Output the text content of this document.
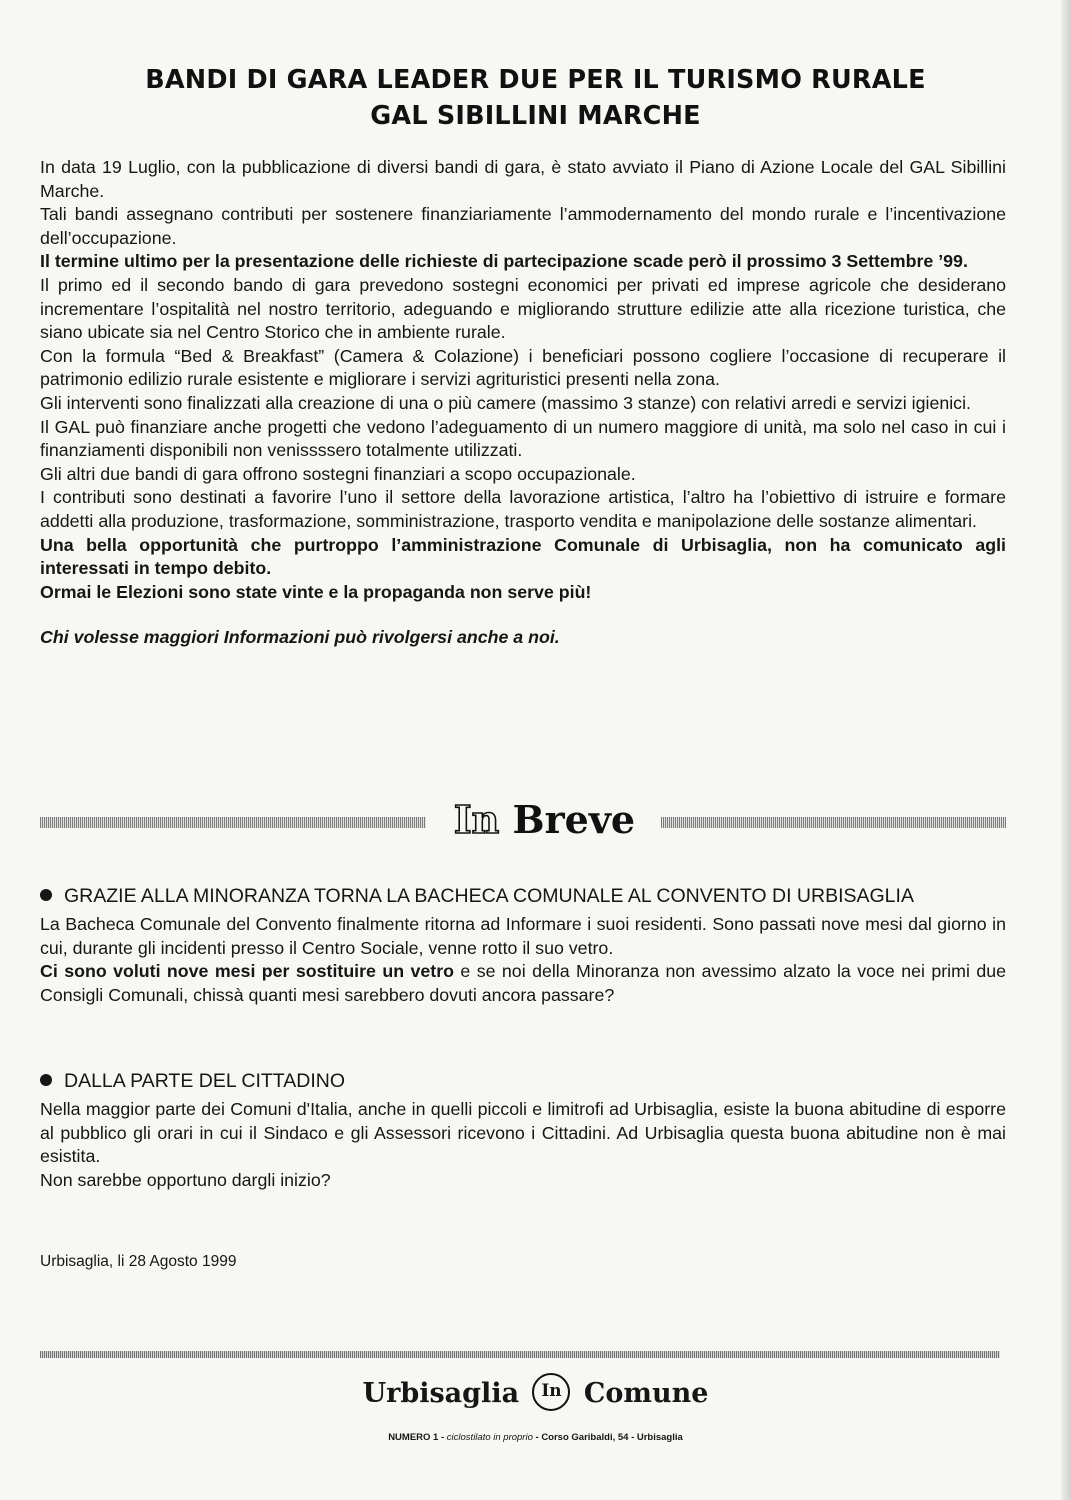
BANDI DI GARA LEADER DUE PER IL TURISMO RURALE
GAL SIBILLINI MARCHE

In data 19 Luglio, con la pubblicazione di diversi bandi di gara, è stato avviato il Piano di Azione Locale del GAL Sibillini Marche.

Tali bandi assegnano contributi per sostenere finanziariamente l’ammodernamento del mondo rurale e l’incentivazione dell’occupazione.

Il termine ultimo per la presentazione delle richieste di partecipazione scade però il prossimo 3 Settembre ’99.

Il primo ed il secondo bando di gara prevedono sostegni economici per privati ed imprese agricole che desiderano incrementare l’ospitalità nel nostro territorio, adeguando e migliorando strutture edilizie atte alla ricezione turistica, che siano ubicate sia nel Centro Storico che in ambiente rurale.

Con la formula “Bed & Breakfast” (Camera & Colazione) i beneficiari possono cogliere l’occasione di recuperare il patrimonio edilizio rurale esistente e migliorare i servizi agrituristici presenti nella zona.

Gli interventi sono finalizzati alla creazione di una o più camere (massimo 3 stanze) con relativi arredi e servizi igienici.

Il GAL può finanziare anche progetti che vedono l’adeguamento di un numero maggiore di unità, ma solo nel caso in cui i finanziamenti disponibili non venissssero totalmente utilizzati.

Gli altri due bandi di gara offrono sostegni finanziari a scopo occupazionale.

I contributi sono destinati a favorire l’uno il settore della lavorazione artistica, l’altro ha l’obiettivo di istruire e formare addetti alla produzione, trasformazione, somministrazione, trasporto vendita e manipolazione delle sostanze alimentari.

Una bella opportunità che purtroppo l’amministrazione Comunale di Urbisaglia, non ha comunicato agli interessati in tempo debito.

Ormai le Elezioni sono state vinte e la propaganda non serve più!

Chi volesse maggiori Informazioni può rivolgersi anche a noi.

In Breve
GRAZIE ALLA MINORANZA TORNA LA BACHECA COMUNALE AL CONVENTO DI URBISAGLIA

La Bacheca Comunale del Convento finalmente ritorna ad Informare i suoi residenti. Sono passati nove mesi dal giorno in cui, durante gli incidenti presso il Centro Sociale, venne rotto il suo vetro.

Ci sono voluti nove mesi per sostituire un vetro e se noi della Minoranza non avessimo alzato la voce nei primi due Consigli Comunali, chissà quanti mesi sarebbero dovuti ancora passare?

DALLA PARTE DEL CITTADINO

Nella maggior parte dei Comuni d'Italia, anche in quelli piccoli e limitrofi ad Urbisaglia, esiste la buona abitudine di esporre al pubblico gli orari in cui il Sindaco e gli Assessori ricevono i Cittadini. Ad Urbisaglia questa buona abitudine non è mai esistita.

Non sarebbe opportuno dargli inizio?

Urbisaglia, li 28 Agosto 1999
Urbisaglia	In Comune
NUMERO 1 - ciclostilato in proprio - Corso Garibaldi, 54 - Urbisaglia
